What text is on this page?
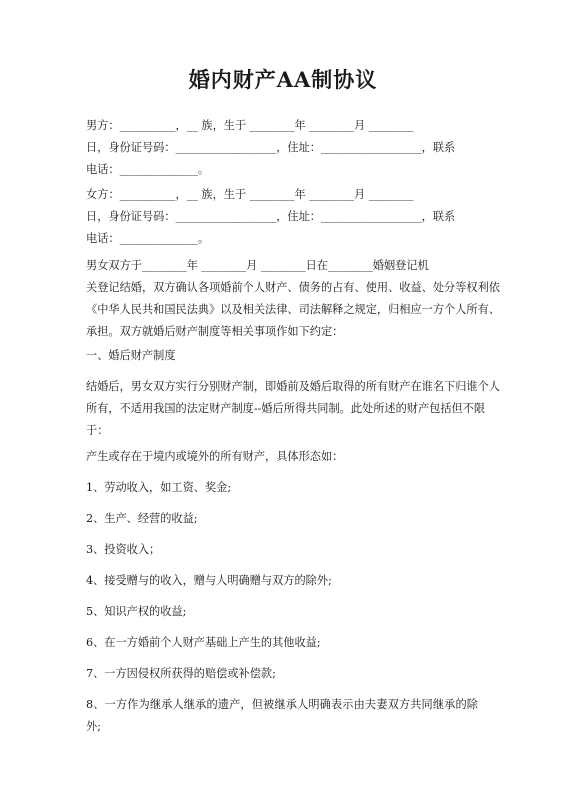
婚内财产AA制协议
男方：__________，__ 族，生于 ________年 ________月 ________
日，身份证号码：__________________，住址：__________________，联系
电话：______________。
女方：__________，__ 族，生于 ________年 ________月 ________
日，身份证号码：__________________，住址：__________________，联系
电话：______________。
男女双方于________年 ________月 ________日在________婚姻登记机
关登记结婚，双方确认各项婚前个人财产、债务的占有、使用、收益、处分等权利依
《中华人民共和国民法典》以及相关法律、司法解释之规定，归相应一方个人所有、
承担。双方就婚后财产制度等相关事项作如下约定：
一、婚后财产制度
结婚后，男女双方实行分别财产制，即婚前及婚后取得的所有财产在谁名下归谁个人
所有，不适用我国的法定财产制度--婚后所得共同制。此处所述的财产包括但不限
于：
产生或存在于境内或境外的所有财产，具体形态如：
1、劳动收入，如工资、奖金;
2、生产、经营的收益;
3、投资收入；
4、接受赠与的收入，赠与人明确赠与双方的除外;
5、知识产权的收益;
6、在一方婚前个人财产基础上产生的其他收益;
7、一方因侵权所获得的赔偿或补偿款;
8、一方作为继承人继承的遗产，但被继承人明确表示由夫妻双方共同继承的除外;
